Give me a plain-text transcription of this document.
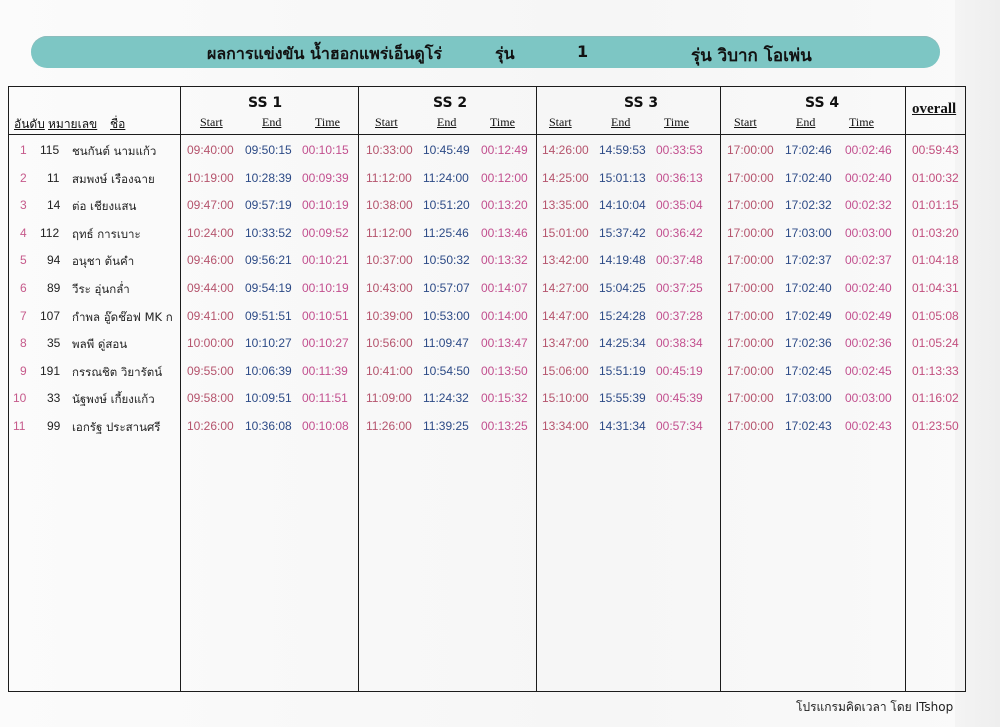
ผลการแข่งขัน น้ำฮอกแพร่เอ็นดูโร่	รุ่น	1	รุ่น วิบาก โอเพ่น
อันดับ หมายเลข ชื่อ
SS 1
Start	End	Time
SS 2
Start	End	Time
SS 3
Start	End	Time
SS 4
Start	End	Time
overall
1 115 ชนกันต์ นามแก้ว	09:40:00 09:50:15 00:10:15 10:33:00 10:45:49 00:12:49 14:26:00 14:59:53 00:33:53 17:00:00 17:02:46 00:02:46 00:59:43
2 11 สมพงษ์ เรืองฉาย	10:19:00 10:28:39 00:09:39 11:12:00 11:24:00 00:12:00 14:25:00 15:01:13 00:36:13 17:00:00 17:02:40 00:02:40 01:00:32
3 14 ต่อ เชียงแสน	09:47:00 09:57:19 00:10:19 10:38:00 10:51:20 00:13:20 13:35:00 14:10:04 00:35:04 17:00:00 17:02:32 00:02:32 01:01:15
4 112 ฤทธ์ การเบาะ	10:24:00 10:33:52 00:09:52 11:12:00 11:25:46 00:13:46 15:01:00 15:37:42 00:36:42 17:00:00 17:03:00 00:03:00 01:03:20
5 94 อนุชา ต้นคำ	09:46:00 09:56:21 00:10:21 10:37:00 10:50:32 00:13:32 13:42:00 14:19:48 00:37:48 17:00:00 17:02:37 00:02:37 01:04:18
6 89 วีระ อุ่นกล่ำ	09:44:00 09:54:19 00:10:19 10:43:00 10:57:07 00:14:07 14:27:00 15:04:25 00:37:25 17:00:00 17:02:40 00:02:40 01:04:31
7 107 กำพล อู๊ดช๊อฟ MK ก 09:41:00 09:51:51 00:10:51 10:39:00 10:53:00 00:14:00 14:47:00 15:24:28 00:37:28 17:00:00 17:02:49 00:02:49 01:05:08
8 35 พลพี ดู่สอน	10:00:00 10:10:27 00:10:27 10:56:00 11:09:47 00:13:47 13:47:00 14:25:34 00:38:34 17:00:00 17:02:36 00:02:36 01:05:24
9 191 กรรณชิต วิยารัตน์ 09:55:00 10:06:39 00:11:39 10:41:00 10:54:50 00:13:50 15:06:00 15:51:19 00:45:19 17:00:00 17:02:45 00:02:45 01:13:33
10 33 นัฐพงษ์ เกี้ยงแก้ว	09:58:00 10:09:51 00:11:51 11:09:00 11:24:32 00:15:32 15:10:00 15:55:39 00:45:39 17:00:00 17:03:00 00:03:00 01:16:02
11 99 เอกรัฐ ประสานศรี 10:26:00 10:36:08 00:10:08 11:26:00 11:39:25 00:13:25 13:34:00 14:31:34 00:57:34 17:00:00 17:02:43 00:02:43 01:23:50
โปรแกรมคิดเวลา โดย ITshop
